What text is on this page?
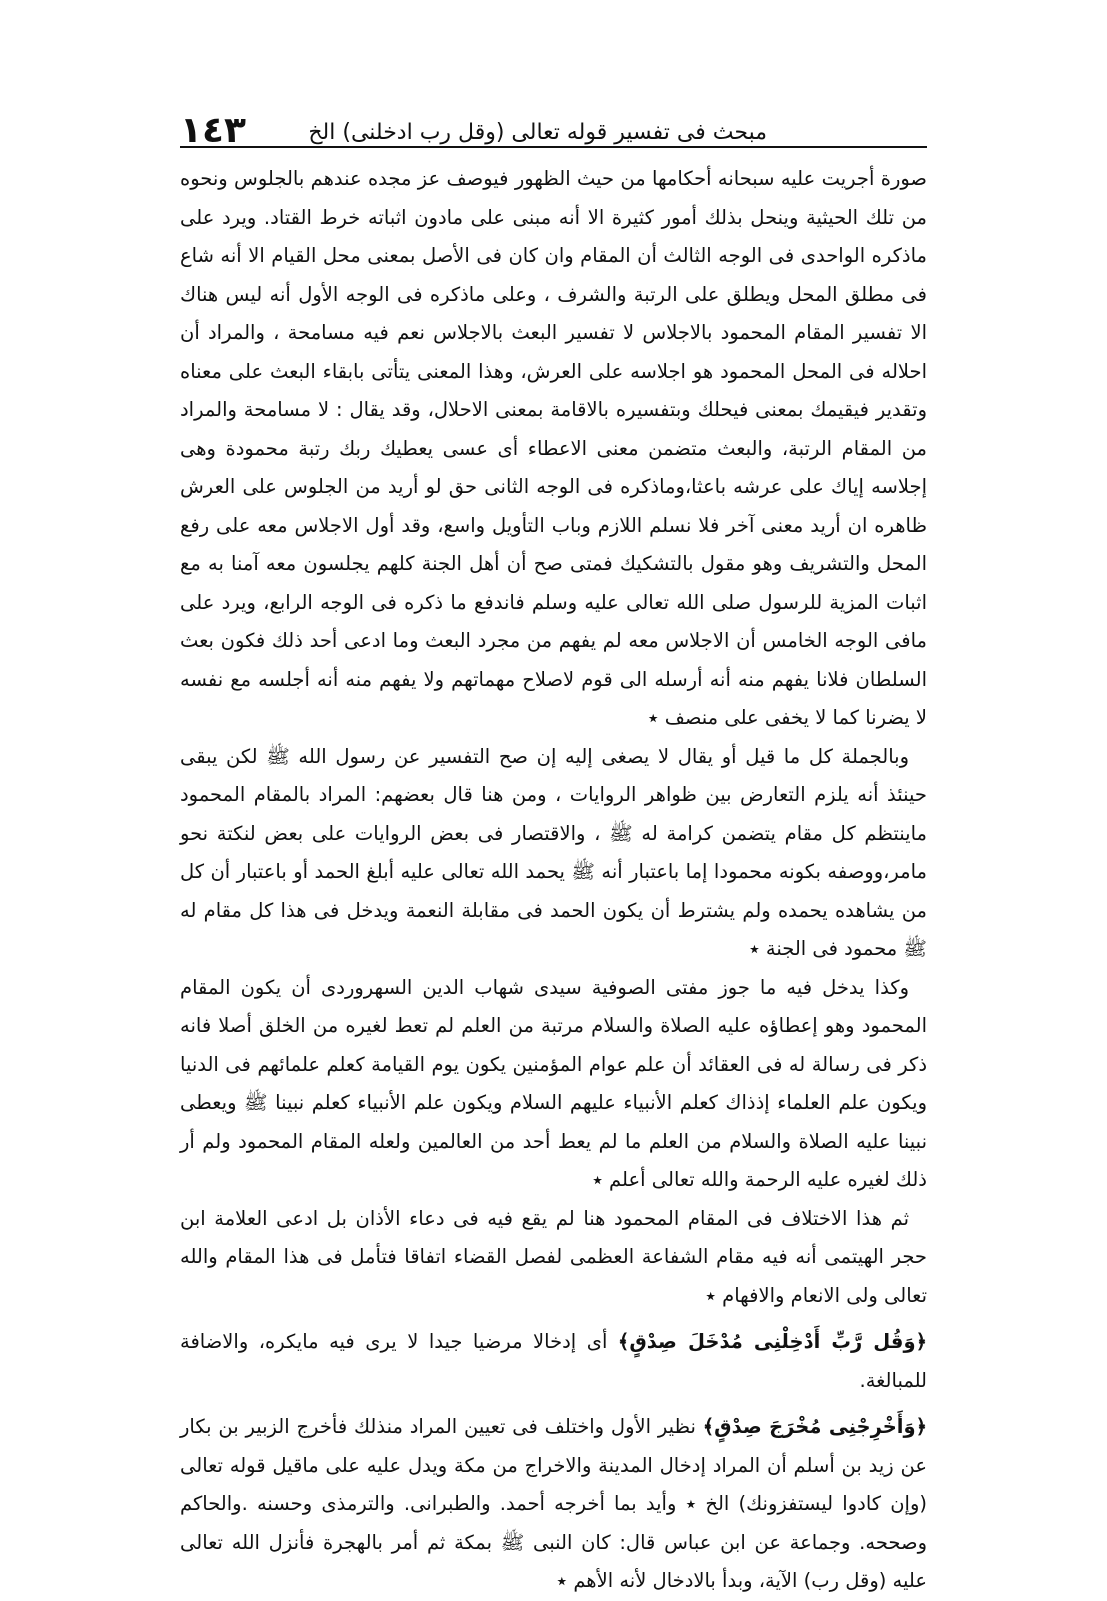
مبحث فى تفسير قوله تعالى (وقل رب ادخلنى) الخ
١٤٣

صورة أجريت عليه سبحانه أحكامها من حيث الظهور فيوصف عز مجده عندهم بالجلوس ونحوه من تلك الحيثية وينحل بذلك أمور كثيرة الا أنه مبنى على مادون اثباته خرط القتاد. ويرد على ماذكره الواحدى فى الوجه الثالث أن المقام وان كان فى الأصل بمعنى محل القيام الا أنه شاع فى مطلق المحل ويطلق على الرتبة والشرف ، وعلى ماذكره فى الوجه الأول أنه ليس هناك الا تفسير المقام المحمود بالاجلاس لا تفسير البعث بالاجلاس نعم فيه مسامحة ، والمراد أن احلاله فى المحل المحمود هو اجلاسه على العرش، وهذا المعنى يتأتى بابقاء البعث على معناه وتقدير فيقيمك بمعنى فيحلك وبتفسيره بالاقامة بمعنى الاحلال، وقد يقال : لا مسامحة والمراد من المقام الرتبة، والبعث متضمن معنى الاعطاء أى عسى يعطيك ربك رتبة محمودة وهى إجلاسه إياك على عرشه باعثا،وماذكره فى الوجه الثانى حق لو أريد من الجلوس على العرش ظاهره ان أريد معنى آخر فلا نسلم اللازم وباب التأويل واسع، وقد أول الاجلاس معه على رفع المحل والتشريف وهو مقول بالتشكيك فمتى صح أن أهل الجنة كلهم يجلسون معه آمنا به مع اثبات المزية للرسول صلى الله تعالى عليه وسلم فاندفع ما ذكره فى الوجه الرابع، ويرد على مافى الوجه الخامس أن الاجلاس معه لم يفهم من مجرد البعث وما ادعى أحد ذلك فكون بعث السلطان فلانا يفهم منه أنه أرسله الى قوم لاصلاح مهماتهم ولا يفهم منه أنه أجلسه مع نفسه لا يضرنا كما لا يخفى على منصف ٭

وبالجملة كل ما قيل أو يقال لا يصغى إليه إن صح التفسير عن رسول الله ﷺ لكن يبقى حينئذ أنه يلزم التعارض بين ظواهر الروايات ، ومن هنا قال بعضهم: المراد بالمقام المحمود ماينتظم كل مقام يتضمن كرامة له ﷺ ، والاقتصار فى بعض الروايات على بعض لنكتة نحو مامر،ووصفه بكونه محمودا إما باعتبار أنه ﷺ يحمد الله تعالى عليه أبلغ الحمد أو باعتبار أن كل من يشاهده يحمده ولم يشترط أن يكون الحمد فى مقابلة النعمة ويدخل فى هذا كل مقام له ﷺ محمود فى الجنة ٭

وكذا يدخل فيه ما جوز مفتى الصوفية سيدى شهاب الدين السهروردى أن يكون المقام المحمود وهو إعطاؤه عليه الصلاة والسلام مرتبة من العلم لم تعط لغيره من الخلق أصلا فانه ذكر فى رسالة له فى العقائد أن علم عوام المؤمنين يكون يوم القيامة كعلم علمائهم فى الدنيا ويكون علم العلماء إذذاك كعلم الأنبياء عليهم السلام ويكون علم الأنبياء كعلم نبينا ﷺ ويعطى نبينا عليه الصلاة والسلام من العلم ما لم يعط أحد من العالمين ولعله المقام المحمود ولم أر ذلك لغيره عليه الرحمة والله تعالى أعلم ٭

ثم هذا الاختلاف فى المقام المحمود هنا لم يقع فيه فى دعاء الأذان بل ادعى العلامة ابن حجر الهيتمى أنه فيه مقام الشفاعة العظمى لفصل القضاء اتفاقا فتأمل فى هذا المقام والله تعالى ولى الانعام والافهام ٭

﴿وَقُل رَّبِّ أَدْخِلْنِى مُدْخَلَ صِدْقٍ﴾ أى إدخالا مرضيا جيدا لا يرى فيه مايكره، والاضافة للمبالغة.

﴿وَأَخْرِجْنِى مُخْرَجَ صِدْقٍ﴾ نظير الأول واختلف فى تعيين المراد منذلك فأخرج الزبير بن بكار عن زيد بن أسلم أن المراد إدخال المدينة والاخراج من مكة ويدل عليه على ماقيل قوله تعالى (وإن كادوا ليستفزونك) الخ ٭ وأيد بما أخرجه أحمد. والطبرانى. والترمذى وحسنه .والحاكم وصححه. وجماعة عن ابن عباس قال: كان النبى ﷺ بمكة ثم أمر بالهجرة فأنزل الله تعالى عليه (وقل رب) الآية، وبدأ بالادخال لأنه الأهم ٭
